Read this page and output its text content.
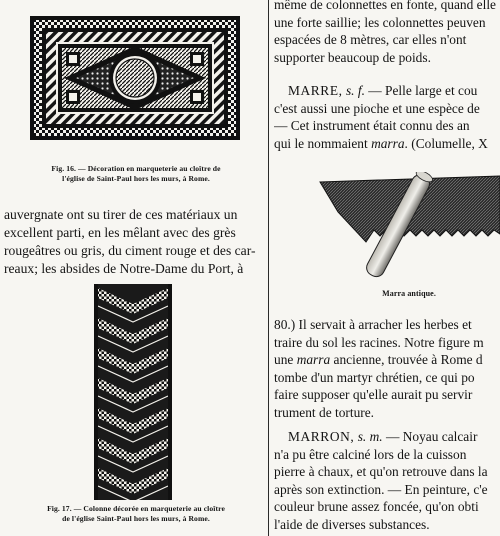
Fig. 16. — Décoration en marqueterie au cloître de
l'église de Saint-Paul hors les murs, à Rome.

auvergnate ont su tirer de ces matériaux un
excellent parti, en les mêlant avec des grès
rougeâtres ou gris, du ciment rouge et des car-
reaux; les absides de Notre-Dame du Port, à

Fig. 17. — Colonne décorée en marqueterie au cloître
de l'église Saint-Paul hors les murs, à Rome.
même de colonnettes en fonte, quand elle
une forte saillie; les colonnettes peuven
espacées de 8 mètres, car elles n'ont
supporter beaucoup de poids.
MARRE, s. f. — Pelle large et cou
c'est aussi une pioche et une espèce de
— Cet instrument était connu des an
qui le nommaient marra. (Columelle, X
Marra antique.
80.) Il servait à arracher les herbes et
traire du sol les racines. Notre figure m
une marra ancienne, trouvée à Rome d
tombe d'un martyr chrétien, ce qui po
faire supposer qu'elle aurait pu servir
trument de torture.
MARRON, s. m. — Noyau calcair
n'a pu être calciné lors de la cuisson
pierre à chaux, et qu'on retrouve dans la
après son extinction. — En peinture, c'e
couleur brune assez foncée, qu'on obti
l'aide de diverses substances.
